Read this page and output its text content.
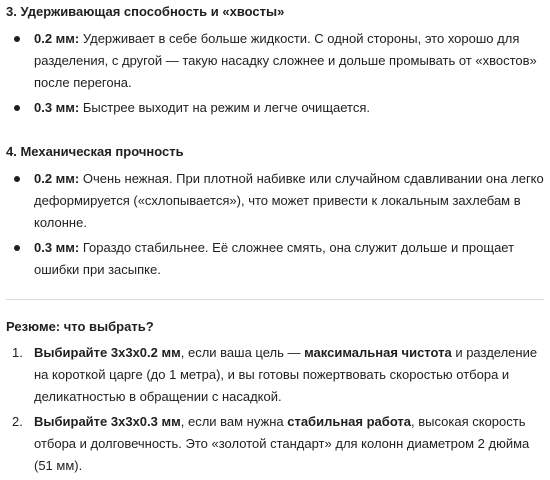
3. Удерживающая способность и «хвосты»
0.2 мм: Удерживает в себе больше жидкости. С одной стороны, это хорошо для разделения, с другой — такую насадку сложнее и дольше промывать от «хвостов» после перегона.
0.3 мм: Быстрее выходит на режим и легче очищается.
4. Механическая прочность
0.2 мм: Очень нежная. При плотной набивке или случайном сдавливании она легко деформируется («схлопывается»), что может привести к локальным захлебам в колонне.
0.3 мм: Гораздо стабильнее. Её сложнее смять, она служит дольше и прощает ошибки при засыпке.
Резюме: что выбрать?
1. Выбирайте 3х3х0.2 мм, если ваша цель — максимальная чистота и разделение на короткой царге (до 1 метра), и вы готовы пожертвовать скоростью отбора и деликатностью в обращении с насадкой.
2. Выбирайте 3х3х0.3 мм, если вам нужна стабильная работа, высокая скорость отбора и долговечность. Это «золотой стандарт» для колонн диаметром 2 дюйма (51 мм).
